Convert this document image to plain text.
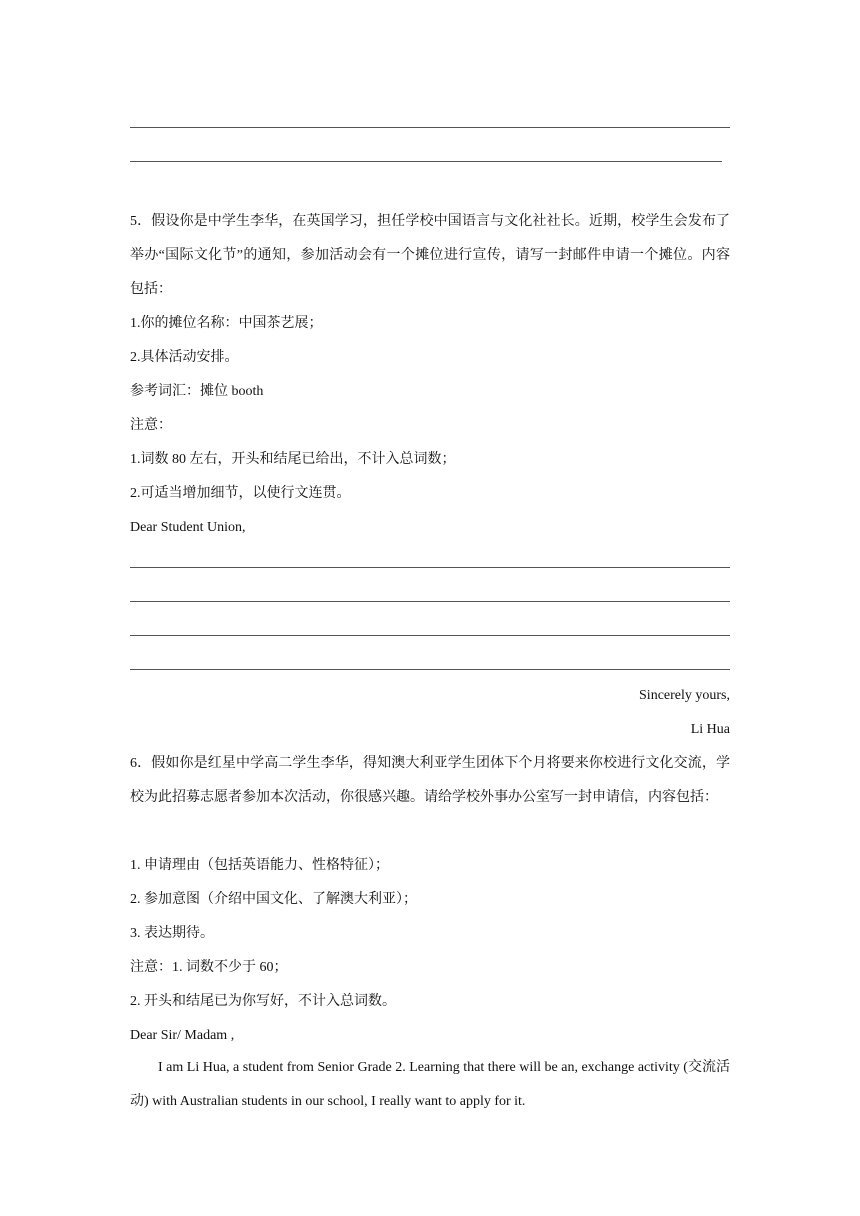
5．假设你是中学生李华，在英国学习，担任学校中国语言与文化社社长。近期，校学生会发布了举办“国际文化节”的通知，参加活动会有一个摊位进行宣传，请写一封邮件申请一个摊位。内容包括：
1.你的摊位名称：中国茶艺展；
2.具体活动安排。
参考词汇：摊位 booth
注意：
1.词数 80 左右，开头和结尾已给出，不计入总词数；
2.可适当增加细节，以使行文连贯。
Dear Student Union,
Sincerely yours,
Li Hua
6．假如你是红星中学高二学生李华，得知澳大利亚学生团体下个月将要来你校进行文化交流，学校为此招募志愿者参加本次活动，你很感兴趣。请给学校外事办公室写一封申请信，内容包括：
1. 申请理由（包括英语能力、性格特征）；
2. 参加意图（介绍中国文化、了解澳大利亚）；
3. 表达期待。
注意：1. 词数不少于 60；
2. 开头和结尾已为你写好，不计入总词数。
Dear Sir/ Madam ,
I am Li Hua, a student from Senior Grade 2. Learning that there will be an, exchange activity (交流活动) with Australian students in our school, I really want to apply for it.
